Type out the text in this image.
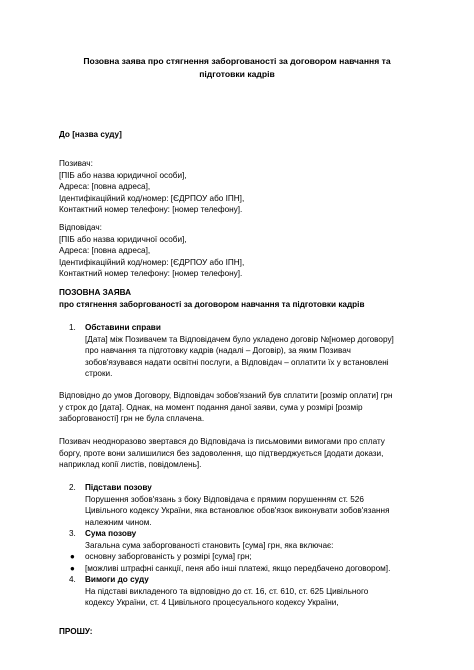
Позовна заява про стягнення заборгованості за договором навчання та
підготовки кадрів
До [назва суду]
Позивач:
[ПІБ або назва юридичної особи],
Адреса: [повна адреса],
Ідентифікаційний код/номер: [ЄДРПОУ або ІПН],
Контактний номер телефону: [номер телефону].
Відповідач:
[ПІБ або назва юридичної особи],
Адреса: [повна адреса],
Ідентифікаційний код/номер: [ЄДРПОУ або ІПН],
Контактний номер телефону: [номер телефону].
ПОЗОВНА ЗАЯВА
про стягнення заборгованості за договором навчання та підготовки кадрів
1. Обставини справи
[Дата] між Позивачем та Відповідачем було укладено договір №[номер договору]
про навчання та підготовку кадрів (надалі – Договір), за яким Позивач
зобов'язувався надати освітні послуги, а Відповідач – оплатити їх у встановлені
строки.
Відповідно до умов Договору, Відповідач зобов'язаний був сплатити [розмір оплати] грн
у строк до [дата]. Однак, на момент подання даної заяви, сума у розмірі [розмір
заборгованості] грн не була сплачена.
Позивач неодноразово звертався до Відповідача із письмовими вимогами про сплату
боргу, проте вони залишилися без задоволення, що підтверджується [додати докази,
наприклад копії листів, повідомлень].
2. Підстави позову
Порушення зобов'язань з боку Відповідача є прямим порушенням ст. 526
Цивільного кодексу України, яка встановлює обов'язок виконувати зобов'язання
належним чином.
3. Сума позову
Загальна сума заборгованості становить [сума] грн, яка включає:
● основну заборгованість у розмірі [сума] грн;
● [можливі штрафні санкції, пеня або інші платежі, якщо передбачено договором].
4. Вимоги до суду
На підставі викладеного та відповідно до ст. 16, ст. 610, ст. 625 Цивільного
кодексу України, ст. 4 Цивільного процесуального кодексу України,
ПРОШУ:
